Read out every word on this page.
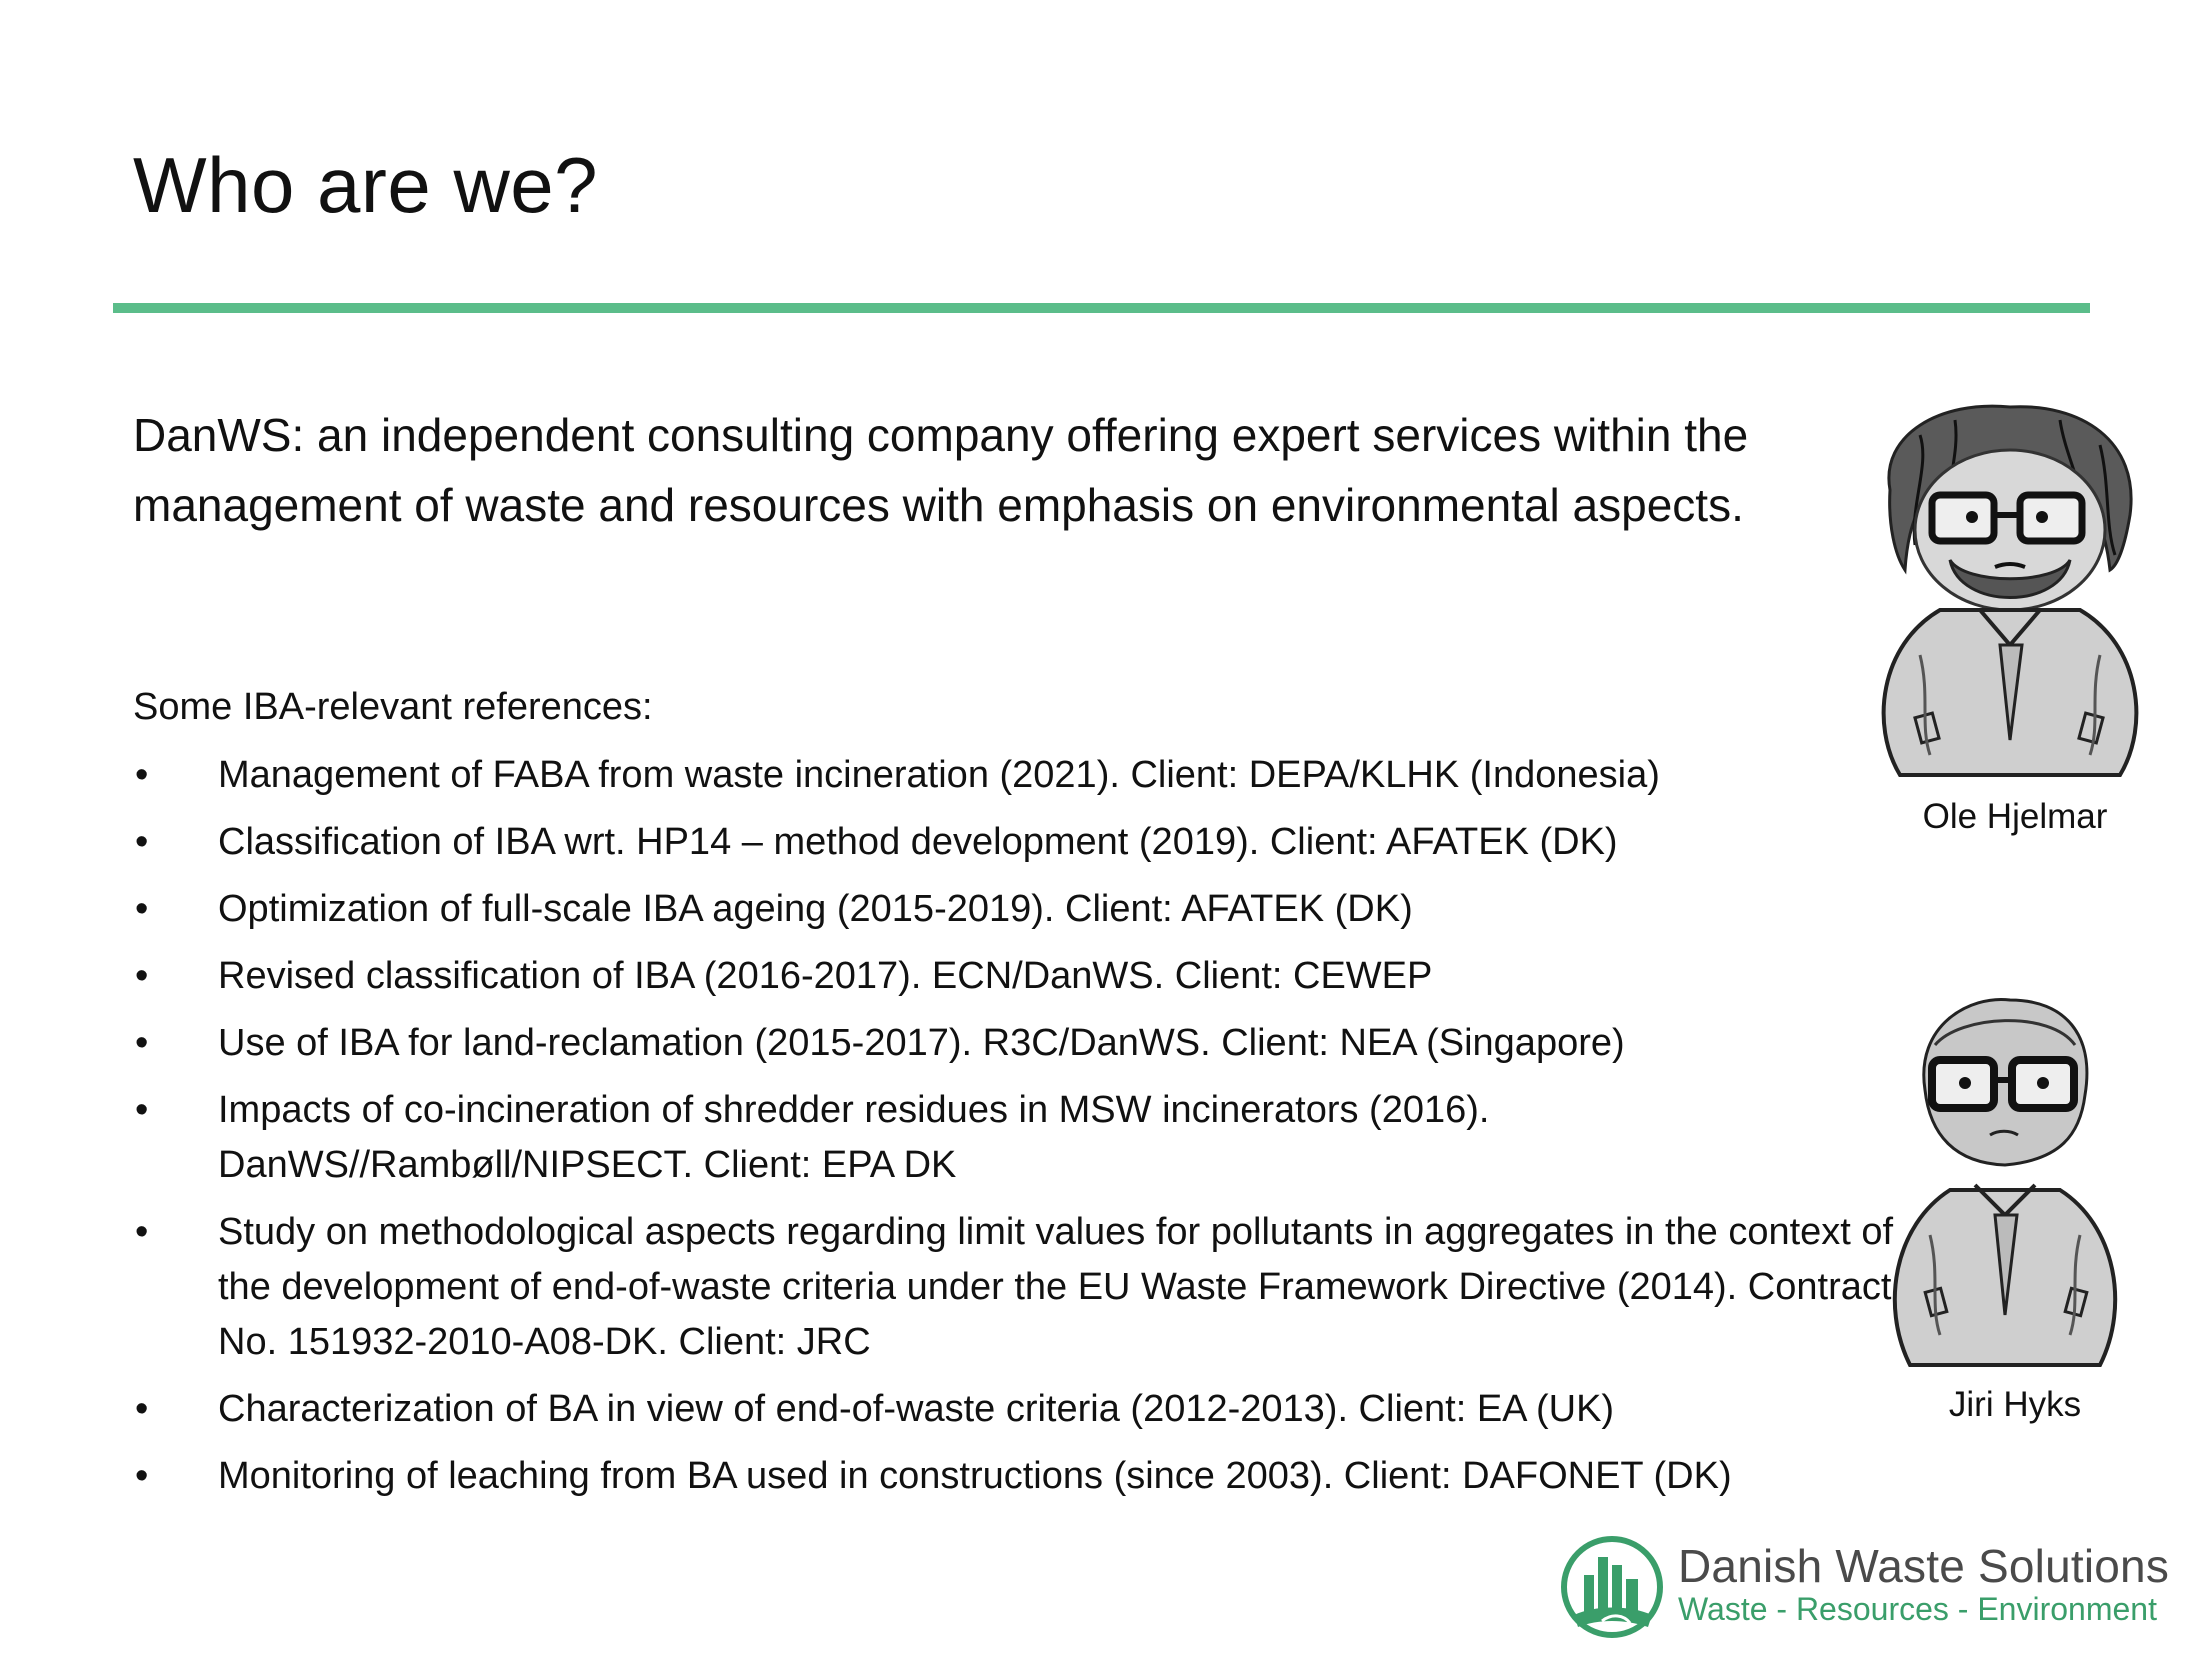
Who are we?

DanWS: an independent consulting company offering expert services within the management of waste and resources with emphasis on environmental aspects.

Some IBA-relevant references:

•	Management of FABA from waste incineration (2021). Client: DEPA/KLHK (Indonesia)
•	Classification of IBA wrt. HP14 – method development (2019). Client: AFATEK (DK)
•	Optimization of full-scale IBA ageing (2015-2019). Client: AFATEK (DK)
•	Revised classification of IBA (2016-2017). ECN/DanWS. Client: CEWEP
•	Use of IBA for land-reclamation (2015-2017). R3C/DanWS. Client: NEA (Singapore)
•	Impacts of co-incineration of shredder residues in MSW incinerators (2016). DanWS//Rambøll/NIPSECT. Client: EPA DK
•	Study on methodological aspects regarding limit values for pollutants in aggregates in the context of the development of end-of-waste criteria under the EU Waste Framework Directive (2014). Contract No. 151932-2010-A08-DK. Client: JRC
•	Characterization of BA in view of end-of-waste criteria (2012-2013). Client: EA (UK)
•	Monitoring of leaching from BA used in constructions (since 2003). Client: DAFONET (DK)
Ole Hjelmar
Jiri Hyks
Danish Waste Solutions
Waste - Resources - Environment
